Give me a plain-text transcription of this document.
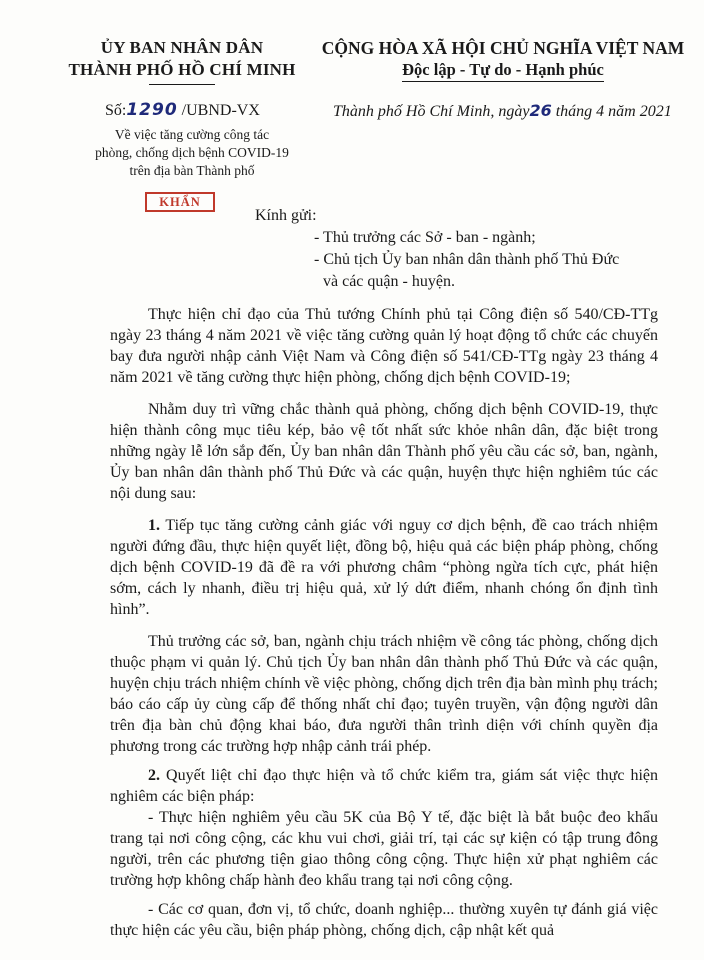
ỦY BAN NHÂN DÂN
THÀNH PHỐ HỒ CHÍ MINH
CỘNG HÒA XÃ HỘI CHỦ NGHĨA VIỆT NAM
Độc lập - Tự do - Hạnh phúc
Số:1290 /UBND-VX	Thành phố Hồ Chí Minh, ngày26 tháng 4 năm 2021
Về việc tăng cường công tác
phòng, chống dịch bệnh COVID-19
trên địa bàn Thành phố
KHẨN

Kính gửi:

- Thủ trưởng các Sở - ban - ngành;

- Chủ tịch Ủy ban nhân dân thành phố Thủ Đức

và các quận - huyện.

Thực hiện chỉ đạo của Thủ tướng Chính phủ tại Công điện số 540/CĐ-TTg ngày 23 tháng 4 năm 2021 về việc tăng cường quản lý hoạt động tổ chức các chuyến bay đưa người nhập cảnh Việt Nam và Công điện số 541/CĐ-TTg ngày 23 tháng 4 năm 2021 về tăng cường thực hiện phòng, chống dịch bệnh COVID-19;

Nhằm duy trì vững chắc thành quả phòng, chống dịch bệnh COVID-19, thực hiện thành công mục tiêu kép, bảo vệ tốt nhất sức khỏe nhân dân, đặc biệt trong những ngày lễ lớn sắp đến, Ủy ban nhân dân Thành phố yêu cầu các sở, ban, ngành, Ủy ban nhân dân thành phố Thủ Đức và các quận, huyện thực hiện nghiêm túc các nội dung sau:

1. Tiếp tục tăng cường cảnh giác với nguy cơ dịch bệnh, đề cao trách nhiệm người đứng đầu, thực hiện quyết liệt, đồng bộ, hiệu quả các biện pháp phòng, chống dịch bệnh COVID-19 đã đề ra với phương châm “phòng ngừa tích cực, phát hiện sớm, cách ly nhanh, điều trị hiệu quả, xử lý dứt điểm, nhanh chóng ổn định tình hình”.

Thủ trưởng các sở, ban, ngành chịu trách nhiệm về công tác phòng, chống dịch thuộc phạm vi quản lý. Chủ tịch Ủy ban nhân dân thành phố Thủ Đức và các quận, huyện chịu trách nhiệm chính về việc phòng, chống dịch trên địa bàn mình phụ trách; báo cáo cấp ủy cùng cấp để thống nhất chỉ đạo; tuyên truyền, vận động người dân trên địa bàn chủ động khai báo, đưa người thân trình diện với chính quyền địa phương trong các trường hợp nhập cảnh trái phép.

2. Quyết liệt chỉ đạo thực hiện và tổ chức kiểm tra, giám sát việc thực hiện nghiêm các biện pháp:

- Thực hiện nghiêm yêu cầu 5K của Bộ Y tế, đặc biệt là bắt buộc đeo khẩu trang tại nơi công cộng, các khu vui chơi, giải trí, tại các sự kiện có tập trung đông người, trên các phương tiện giao thông công cộng. Thực hiện xử phạt nghiêm các trường hợp không chấp hành đeo khẩu trang tại nơi công cộng.

- Các cơ quan, đơn vị, tổ chức, doanh nghiệp... thường xuyên tự đánh giá việc thực hiện các yêu cầu, biện pháp phòng, chống dịch, cập nhật kết quả
